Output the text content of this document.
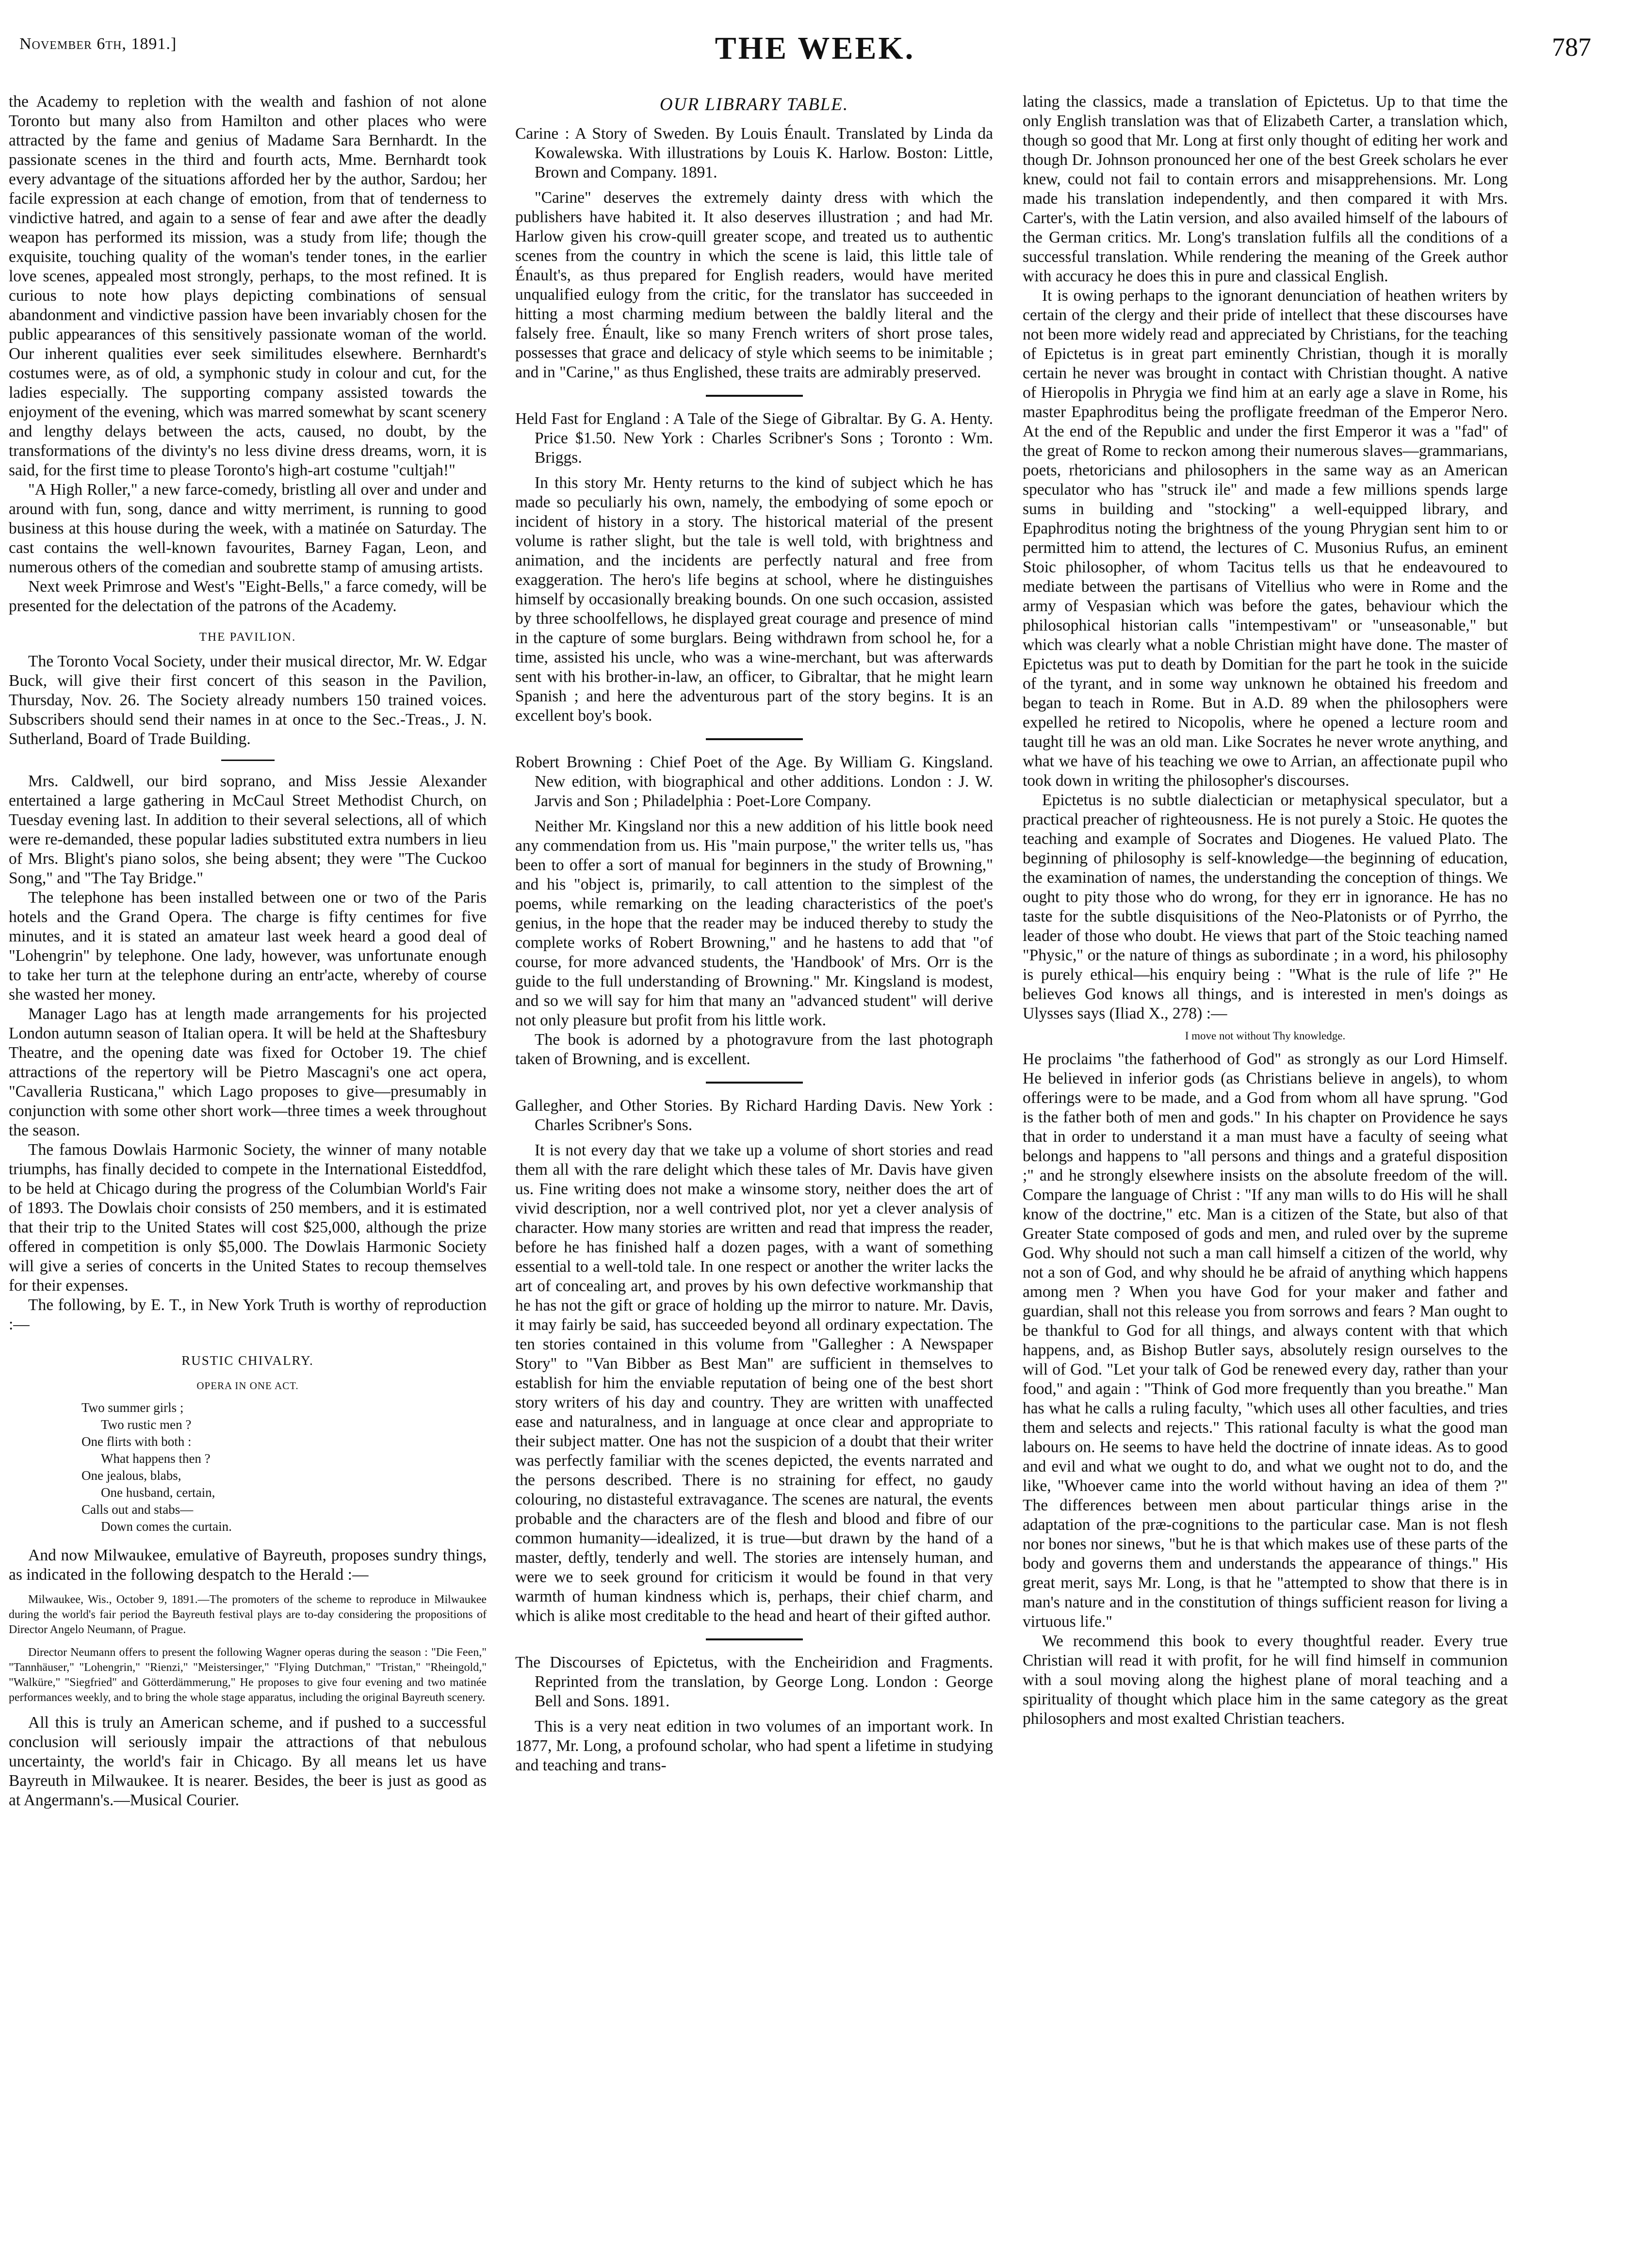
November 6th, 1891.]	THE WEEK.	787

the Academy to repletion with the wealth and fashion of not alone Toronto but many also from Hamilton and other places who were attracted by the fame and genius of Madame Sara Bernhardt. In the passionate scenes in the third and fourth acts, Mme. Bernhardt took every advantage of the situations afforded her by the author, Sardou; her facile expression at each change of emotion, from that of tenderness to vindictive hatred, and again to a sense of fear and awe after the deadly weapon has performed its mission, was a study from life; though the exquisite, touching quality of the woman's tender tones, in the earlier love scenes, appealed most strongly, perhaps, to the most refined. It is curious to note how plays depicting combinations of sensual abandonment and vindictive passion have been invariably chosen for the public appearances of this sensitively passionate woman of the world. Our inherent qualities ever seek similitudes elsewhere. Bernhardt's costumes were, as of old, a symphonic study in colour and cut, for the ladies especially. The supporting company assisted towards the enjoyment of the evening, which was marred somewhat by scant scenery and lengthy delays between the acts, caused, no doubt, by the transformations of the divinty's no less divine dress dreams, worn, it is said, for the first time to please Toronto's high-art costume "cultjah!"

"A High Roller," a new farce-comedy, bristling all over and under and around with fun, song, dance and witty merriment, is running to good business at this house during the week, with a matinée on Saturday. The cast contains the well-known favourites, Barney Fagan, Leon, and numerous others of the comedian and soubrette stamp of amusing artists.

Next week Primrose and West's "Eight-Bells," a farce comedy, will be presented for the delectation of the patrons of the Academy.

THE PAVILION.

The Toronto Vocal Society, under their musical director, Mr. W. Edgar Buck, will give their first concert of this season in the Pavilion, Thursday, Nov. 26. The Society already numbers 150 trained voices. Subscribers should send their names in at once to the Sec.-Treas., J. N. Sutherland, Board of Trade Building.

Mrs. Caldwell, our bird soprano, and Miss Jessie Alexander entertained a large gathering in McCaul Street Methodist Church, on Tuesday evening last. In addition to their several selections, all of which were re-demanded, these popular ladies substituted extra numbers in lieu of Mrs. Blight's piano solos, she being absent; they were "The Cuckoo Song," and "The Tay Bridge."

The telephone has been installed between one or two of the Paris hotels and the Grand Opera. The charge is fifty centimes for five minutes, and it is stated an amateur last week heard a good deal of "Lohengrin" by telephone. One lady, however, was unfortunate enough to take her turn at the telephone during an entr'acte, whereby of course she wasted her money.

Manager Lago has at length made arrangements for his projected London autumn season of Italian opera. It will be held at the Shaftesbury Theatre, and the opening date was fixed for October 19. The chief attractions of the repertory will be Pietro Mascagni's one act opera, "Cavalleria Rusticana," which Lago proposes to give—presumably in conjunction with some other short work—three times a week throughout the season.

The famous Dowlais Harmonic Society, the winner of many notable triumphs, has finally decided to compete in the International Eisteddfod, to be held at Chicago during the progress of the Columbian World's Fair of 1893. The Dowlais choir consists of 250 members, and it is estimated that their trip to the United States will cost $25,000, although the prize offered in competition is only $5,000. The Dowlais Harmonic Society will give a series of concerts in the United States to recoup themselves for their expenses.

The following, by E. T., in New York Truth is worthy of reproduction :—

RUSTIC CHIVALRY.
OPERA IN ONE ACT.
Two summer girls ;
Two rustic men ?
One flirts with both :
What happens then ?
One jealous, blabs,
One husband, certain,
Calls out and stabs—
Down comes the curtain.

And now Milwaukee, emulative of Bayreuth, proposes sundry things, as indicated in the following despatch to the Herald :—

Milwaukee, Wis., October 9, 1891.—The promoters of the scheme to reproduce in Milwaukee during the world's fair period the Bayreuth festival plays are to-day considering the propositions of Director Angelo Neumann, of Prague.

Director Neumann offers to present the following Wagner operas during the season : "Die Feen," "Tannhäuser," "Lohengrin," "Rienzi," "Meistersinger," "Flying Dutchman," "Tristan," "Rheingold," "Walküre," "Siegfried" and Götterdämmerung," He proposes to give four evening and two matinée performances weekly, and to bring the whole stage apparatus, including the original Bayreuth scenery.

All this is truly an American scheme, and if pushed to a successful conclusion will seriously impair the attractions of that nebulous uncertainty, the world's fair in Chicago. By all means let us have Bayreuth in Milwaukee. It is nearer. Besides, the beer is just as good as at Angermann's.—Musical Courier.

OUR LIBRARY TABLE.
Carine : A Story of Sweden. By Louis Énault. Translated by Linda da Kowalewska. With illustrations by Louis K. Harlow. Boston: Little, Brown and Company. 1891.

"Carine" deserves the extremely dainty dress with which the publishers have habited it. It also deserves illustration ; and had Mr. Harlow given his crow-quill greater scope, and treated us to authentic scenes from the country in which the scene is laid, this little tale of Énault's, as thus prepared for English readers, would have merited unqualified eulogy from the critic, for the translator has succeeded in hitting a most charming medium between the baldly literal and the falsely free. Énault, like so many French writers of short prose tales, possesses that grace and delicacy of style which seems to be inimitable ; and in "Carine," as thus Englished, these traits are admirably preserved.

Held Fast for England : A Tale of the Siege of Gibraltar. By G. A. Henty. Price $1.50. New York : Charles Scribner's Sons ; Toronto : Wm. Briggs.

In this story Mr. Henty returns to the kind of subject which he has made so peculiarly his own, namely, the embodying of some epoch or incident of history in a story. The historical material of the present volume is rather slight, but the tale is well told, with brightness and animation, and the incidents are perfectly natural and free from exaggeration. The hero's life begins at school, where he distinguishes himself by occasionally breaking bounds. On one such occasion, assisted by three schoolfellows, he displayed great courage and presence of mind in the capture of some burglars. Being withdrawn from school he, for a time, assisted his uncle, who was a wine-merchant, but was afterwards sent with his brother-in-law, an officer, to Gibraltar, that he might learn Spanish ; and here the adventurous part of the story begins. It is an excellent boy's book.

Robert Browning : Chief Poet of the Age. By William G. Kingsland. New edition, with biographical and other additions. London : J. W. Jarvis and Son ; Philadelphia : Poet-Lore Company.

Neither Mr. Kingsland nor this a new addition of his little book need any commendation from us. His "main purpose," the writer tells us, "has been to offer a sort of manual for beginners in the study of Browning," and his "object is, primarily, to call attention to the simplest of the poems, while remarking on the leading characteristics of the poet's genius, in the hope that the reader may be induced thereby to study the complete works of Robert Browning," and he hastens to add that "of course, for more advanced students, the 'Handbook' of Mrs. Orr is the guide to the full understanding of Browning." Mr. Kingsland is modest, and so we will say for him that many an "advanced student" will derive not only pleasure but profit from his little work.

The book is adorned by a photogravure from the last photograph taken of Browning, and is excellent.

Gallegher, and Other Stories. By Richard Harding Davis. New York : Charles Scribner's Sons.

It is not every day that we take up a volume of short stories and read them all with the rare delight which these tales of Mr. Davis have given us. Fine writing does not make a winsome story, neither does the art of vivid description, nor a well contrived plot, nor yet a clever analysis of character. How many stories are written and read that impress the reader, before he has finished half a dozen pages, with a want of something essential to a well-told tale. In one respect or another the writer lacks the art of concealing art, and proves by his own defective workmanship that he has not the gift or grace of holding up the mirror to nature. Mr. Davis, it may fairly be said, has succeeded beyond all ordinary expectation. The ten stories contained in this volume from "Gallegher : A Newspaper Story" to "Van Bibber as Best Man" are sufficient in themselves to establish for him the enviable reputation of being one of the best short story writers of his day and country. They are written with unaffected ease and naturalness, and in language at once clear and appropriate to their subject matter. One has not the suspicion of a doubt that their writer was perfectly familiar with the scenes depicted, the events narrated and the persons described. There is no straining for effect, no gaudy colouring, no distasteful extravagance. The scenes are natural, the events probable and the characters are of the flesh and blood and fibre of our common humanity—idealized, it is true—but drawn by the hand of a master, deftly, tenderly and well. The stories are intensely human, and were we to seek ground for criticism it would be found in that very warmth of human kindness which is, perhaps, their chief charm, and which is alike most creditable to the head and heart of their gifted author.

The Discourses of Epictetus, with the Encheiridion and Fragments. Reprinted from the translation, by George Long. London : George Bell and Sons. 1891.

This is a very neat edition in two volumes of an important work. In 1877, Mr. Long, a profound scholar, who had spent a lifetime in studying and teaching and trans-

lating the classics, made a translation of Epictetus. Up to that time the only English translation was that of Elizabeth Carter, a translation which, though so good that Mr. Long at first only thought of editing her work and though Dr. Johnson pronounced her one of the best Greek scholars he ever knew, could not fail to contain errors and misapprehensions. Mr. Long made his translation independently, and then compared it with Mrs. Carter's, with the Latin version, and also availed himself of the labours of the German critics. Mr. Long's translation fulfils all the conditions of a successful translation. While rendering the meaning of the Greek author with accuracy he does this in pure and classical English.

It is owing perhaps to the ignorant denunciation of heathen writers by certain of the clergy and their pride of intellect that these discourses have not been more widely read and appreciated by Christians, for the teaching of Epictetus is in great part eminently Christian, though it is morally certain he never was brought in contact with Christian thought. A native of Hieropolis in Phrygia we find him at an early age a slave in Rome, his master Epaphroditus being the profligate freedman of the Emperor Nero. At the end of the Republic and under the first Emperor it was a "fad" of the great of Rome to reckon among their numerous slaves—grammarians, poets, rhetoricians and philosophers in the same way as an American speculator who has "struck ile" and made a few millions spends large sums in building and "stocking" a well-equipped library, and Epaphroditus noting the brightness of the young Phrygian sent him to or permitted him to attend, the lectures of C. Musonius Rufus, an eminent Stoic philosopher, of whom Tacitus tells us that he endeavoured to mediate between the partisans of Vitellius who were in Rome and the army of Vespasian which was before the gates, behaviour which the philosophical historian calls "intempestivam" or "unseasonable," but which was clearly what a noble Christian might have done. The master of Epictetus was put to death by Domitian for the part he took in the suicide of the tyrant, and in some way unknown he obtained his freedom and began to teach in Rome. But in A.D. 89 when the philosophers were expelled he retired to Nicopolis, where he opened a lecture room and taught till he was an old man. Like Socrates he never wrote anything, and what we have of his teaching we owe to Arrian, an affectionate pupil who took down in writing the philosopher's discourses.

Epictetus is no subtle dialectician or metaphysical speculator, but a practical preacher of righteousness. He is not purely a Stoic. He quotes the teaching and example of Socrates and Diogenes. He valued Plato. The beginning of philosophy is self-knowledge—the beginning of education, the examination of names, the understanding the conception of things. We ought to pity those who do wrong, for they err in ignorance. He has no taste for the subtle disquisitions of the Neo-Platonists or of Pyrrho, the leader of those who doubt. He views that part of the Stoic teaching named "Physic," or the nature of things as subordinate ; in a word, his philosophy is purely ethical—his enquiry being : "What is the rule of life ?" He believes God knows all things, and is interested in men's doings as Ulysses says (Iliad X., 278) :—

I move not without Thy knowledge.

He proclaims "the fatherhood of God" as strongly as our Lord Himself. He believed in inferior gods (as Christians believe in angels), to whom offerings were to be made, and a God from whom all have sprung. "God is the father both of men and gods." In his chapter on Providence he says that in order to understand it a man must have a faculty of seeing what belongs and happens to "all persons and things and a grateful disposition ;" and he strongly elsewhere insists on the absolute freedom of the will. Compare the language of Christ : "If any man wills to do His will he shall know of the doctrine," etc. Man is a citizen of the State, but also of that Greater State composed of gods and men, and ruled over by the supreme God. Why should not such a man call himself a citizen of the world, why not a son of God, and why should he be afraid of anything which happens among men ? When you have God for your maker and father and guardian, shall not this release you from sorrows and fears ? Man ought to be thankful to God for all things, and always content with that which happens, and, as Bishop Butler says, absolutely resign ourselves to the will of God. "Let your talk of God be renewed every day, rather than your food," and again : "Think of God more frequently than you breathe." Man has what he calls a ruling faculty, "which uses all other faculties, and tries them and selects and rejects." This rational faculty is what the good man labours on. He seems to have held the doctrine of innate ideas. As to good and evil and what we ought to do, and what we ought not to do, and the like, "Whoever came into the world without having an idea of them ?" The differences between men about particular things arise in the adaptation of the præ-cognitions to the particular case. Man is not flesh nor bones nor sinews, "but he is that which makes use of these parts of the body and governs them and understands the appearance of things." His great merit, says Mr. Long, is that he "attempted to show that there is in man's nature and in the constitution of things sufficient reason for living a virtuous life."

We recommend this book to every thoughtful reader. Every true Christian will read it with profit, for he will find himself in communion with a soul moving along the highest plane of moral teaching and a spirituality of thought which place him in the same category as the great philosophers and most exalted Christian teachers.
